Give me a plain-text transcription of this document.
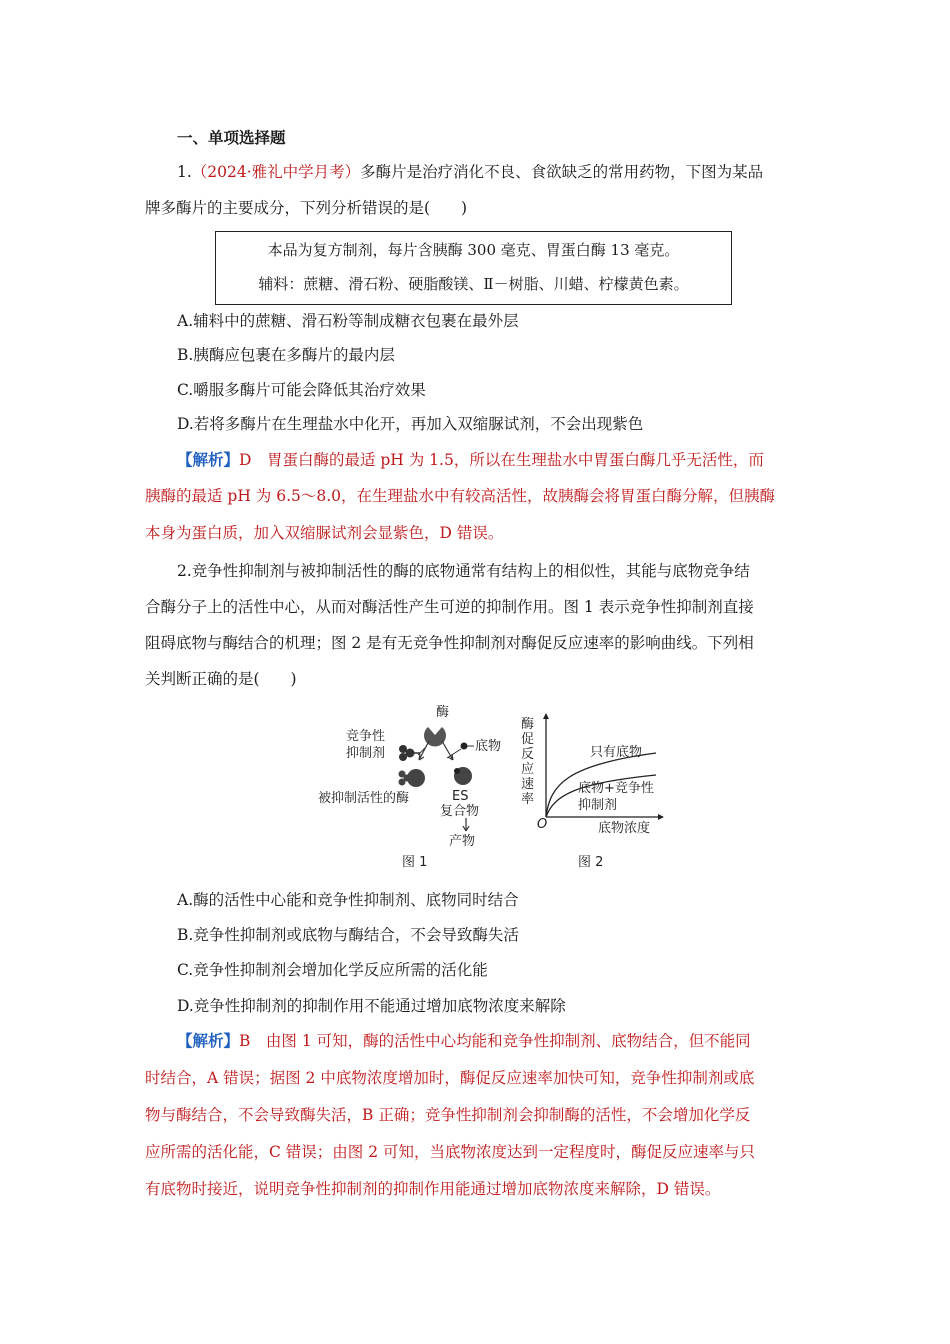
一、单项选择题
1.（2024·雅礼中学月考）多酶片是治疗消化不良、食欲缺乏的常用药物，下图为某品
牌多酶片的主要成分，下列分析错误的是(　　)
本品为复方制剂，每片含胰酶 300 毫克、胃蛋白酶 13 毫克。
辅料：蔗糖、滑石粉、硬脂酸镁、Ⅱ－树脂、川蜡、柠檬黄色素。
A.辅料中的蔗糖、滑石粉等制成糖衣包裹在最外层
B.胰酶应包裹在多酶片的最内层
C.嚼服多酶片可能会降低其治疗效果
D.若将多酶片在生理盐水中化开，再加入双缩脲试剂，不会出现紫色
【解析】D　胃蛋白酶的最适 pH 为 1.5，所以在生理盐水中胃蛋白酶几乎无活性，而
胰酶的最适 pH 为 6.5～8.0，在生理盐水中有较高活性，故胰酶会将胃蛋白酶分解，但胰酶
本身为蛋白质，加入双缩脲试剂会显紫色，D 错误。
2.竞争性抑制剂与被抑制活性的酶的底物通常有结构上的相似性，其能与底物竞争结
合酶分子上的活性中心，从而对酶活性产生可逆的抑制作用。图 1 表示竞争性抑制剂直接
阻碍底物与酶结合的机理；图 2 是有无竞争性抑制剂对酶促反应速率的影响曲线。下列相
关判断正确的是(　　)
酶
竞争性
抑制剂	底物
被抑制活性的酶	ES
复合物
产物
图 1
酶促反应速率
O	底物浓度
只有底物
底物+竞争性
抑制剂
图 2
A.酶的活性中心能和竞争性抑制剂、底物同时结合
B.竞争性抑制剂或底物与酶结合，不会导致酶失活
C.竞争性抑制剂会增加化学反应所需的活化能
D.竞争性抑制剂的抑制作用不能通过增加底物浓度来解除
【解析】B　由图 1 可知，酶的活性中心均能和竞争性抑制剂、底物结合，但不能同
时结合，A 错误；据图 2 中底物浓度增加时，酶促反应速率加快可知，竞争性抑制剂或底
物与酶结合，不会导致酶失活，B 正确；竞争性抑制剂会抑制酶的活性，不会增加化学反
应所需的活化能，C 错误；由图 2 可知，当底物浓度达到一定程度时，酶促反应速率与只
有底物时接近，说明竞争性抑制剂的抑制作用能通过增加底物浓度来解除，D 错误。
